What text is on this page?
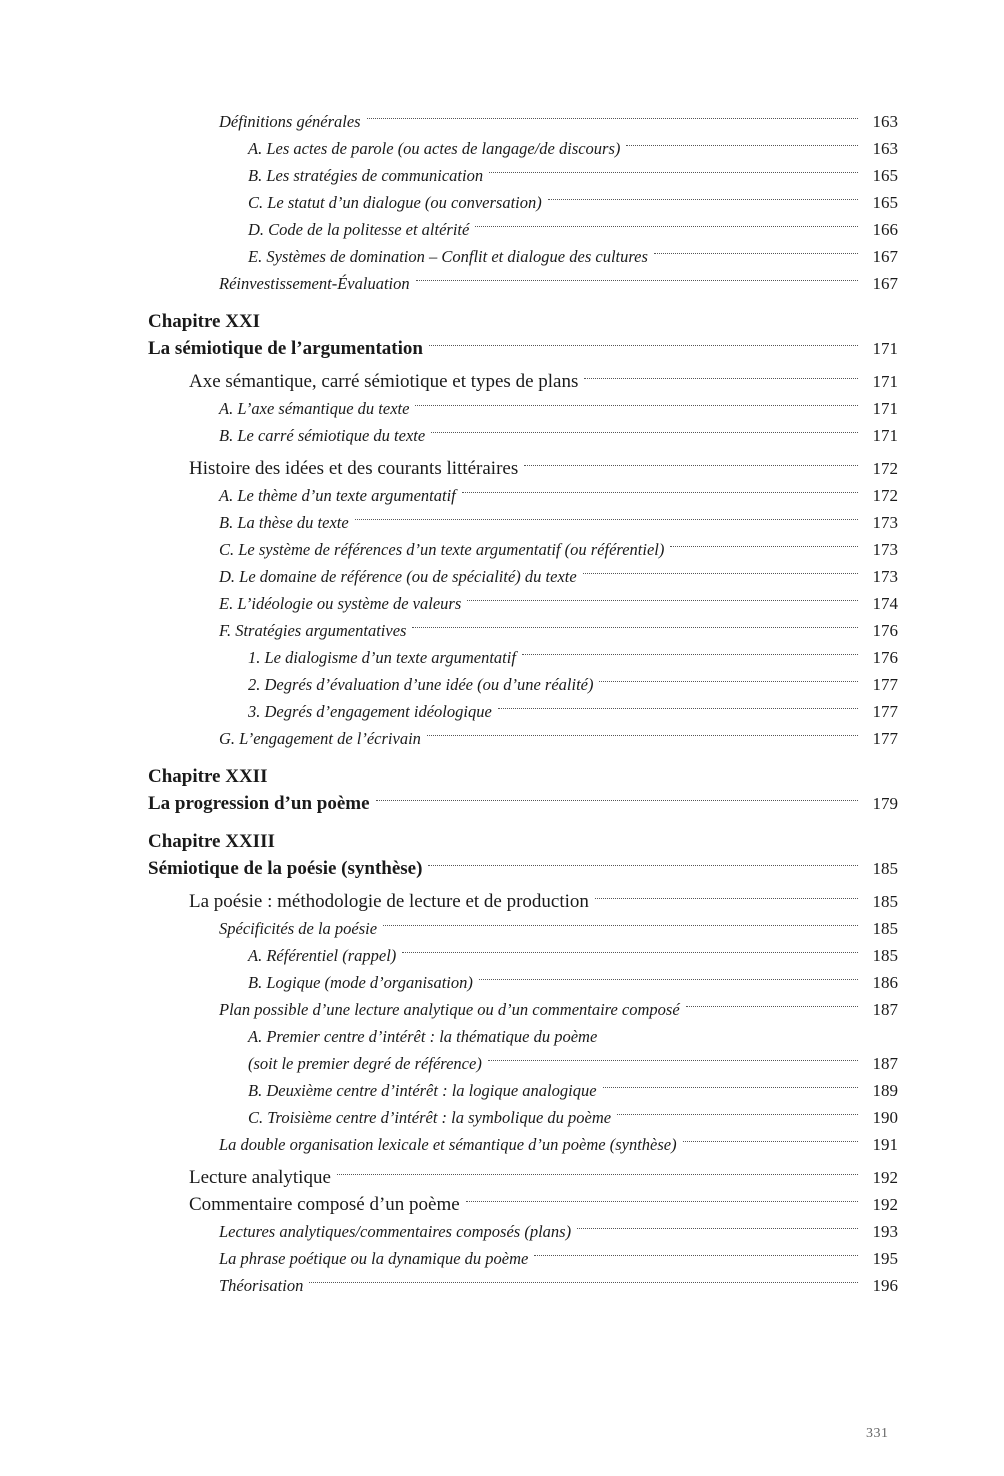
Définitions générales	163
A. Les actes de parole (ou actes de langage/de discours)	163
B. Les stratégies de communication	165
C. Le statut d’un dialogue (ou conversation)	165
D. Code de la politesse et altérité	166
E. Systèmes de domination – Conflit et dialogue des cultures	167
Réinvestissement-Évaluation	167
Chapitre XXI
La sémiotique de l’argumentation	171
Axe sémantique, carré sémiotique et types de plans	171
A. L’axe sémantique du texte	171
B. Le carré sémiotique du texte	171
Histoire des idées et des courants littéraires	172
A. Le thème d’un texte argumentatif	172
B. La thèse du texte	173
C. Le système de références d’un texte argumentatif (ou référentiel)	173
D. Le domaine de référence (ou de spécialité) du texte	173
E. L’idéologie ou système de valeurs	174
F. Stratégies argumentatives	176
1. Le dialogisme d’un texte argumentatif	176
2. Degrés d’évaluation d’une idée (ou d’une réalité)	177
3. Degrés d’engagement idéologique	177
G. L’engagement de l’écrivain	177
Chapitre XXII
La progression d’un poème	179
Chapitre XXIII
Sémiotique de la poésie (synthèse)	185
La poésie : méthodologie de lecture et de production	185
Spécificités de la poésie	185
A. Référentiel (rappel)	185
B. Logique (mode d’organisation)	186
Plan possible d’une lecture analytique ou d’un commentaire composé	187
A. Premier centre d’intérêt : la thématique du poème
(soit le premier degré de référence)	187
B. Deuxième centre d’intérêt : la logique analogique	189
C. Troisième centre d’intérêt : la symbolique du poème	190
La double organisation lexicale et sémantique d’un poème (synthèse)	191
Lecture analytique	192
Commentaire composé d’un poème	192
Lectures analytiques/commentaires composés (plans)	193
La phrase poétique ou la dynamique du poème	195
Théorisation	196
331
